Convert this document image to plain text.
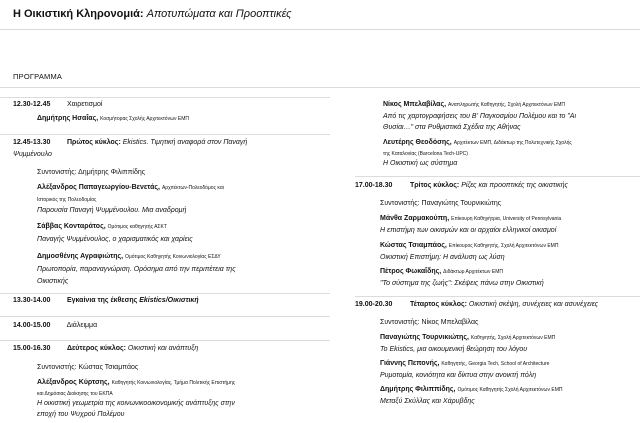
Η Οικιστική Κληρονομιά: Αποτυπώματα και Προοπτικές
ΠΡΟΓΡΑΜΜΑ
12.30-12.45 Χαιρετισμοί
Δημήτρης Ησαΐας, Κοσμήτορας Σχολής Αρχιτεκτόνων ΕΜΠ
12.45-13.30 Πρώτος κύκλος: Ekistics. Τιμητική αναφορά στον Παναγή
Ψυμμένουλο
Συντονιστής: Δημήτρης Φιλιππίδης
Αλέξανδρος Παπαγεωργίου-Βενετάς, Αρχιτέκτων-Πολεοδόμος και
Ιστορικός της Πολεοδομίας
Παρουσία Παναγή Ψυμμένουλου. Μια αναδρομή
Σάββας Κονταράτος, Ομότιμος καθηγητής ΑΣΚΤ
Παναγής Ψυμμένουλος, ο χαρισματικός και χαρίεις
Δημοσθένης Αγραφιώτης, Ομότιμος Καθηγητής Κοινωνιολογίας ΕΣΔΥ
Πρωτοπορία, παραναγνώριση. Ορόσημα από την περιπέτεια της
Οικιστικής
13.30-14.00 Εγκαίνια της έκθεσης Ekistics/Οικιστική
14.00-15.00 Διάλειμμα
15.00-16.30 Δεύτερος κύκλος: Οικιστική και ανάπτυξη
Συντονιστής: Κώστας Τσιαμπάος
Αλέξανδρος Κύρτσης, Καθηγητής Κοινωνιολογίας, Τμήμα Πολιτικής Επιστήμης
και Δημόσιας Διοίκησης του ΕΚΠΑ
Η οικιστική γεωμετρία της κοινωνικοοικονομικής ανάπτυξης στην
εποχή του Ψυχρού Πολέμου
Νίκος Μπελαβίλας, Αναπληρωτής Καθηγητής, Σχολή Αρχιτεκτόνων ΕΜΠ
Από τις χαρτογραφήσεις του Β' Παγκοσμίου Πολέμου και το "Αι
Θυσίαι…" στα Ρυθμιστικά Σχέδια της Αθήνας
Λευτέρης Θεοδόσης, Αρχιτέκτων ΕΜΠ, Διδάκτωρ της Πολυτεχνικής Σχολής
της Καταλονίας (Barcelona Tech-UPC)
Η Οικιστική ως σύστημα
17.00-18.30	Τρίτος κύκλος: Ρίζες και προοπτικές της οικιστικής
Συντονιστής: Παναγιώτης Τουρνικιώτης
Μάνθα Ζαρμακούπη, Επίκουρη Καθηγήτρια, University of Pennsylvania
Η επιστήμη των οικισμών και οι αρχαίοι ελληνικοί οικισμοί
Κώστας Τσιαμπάος, Επίκουρος Καθηγητής, Σχολή Αρχιτεκτόνων ΕΜΠ
Οικιστική Επιστήμη: Η ανάλυση ως λύση
Πέτρος Φωκαΐδης, Διδάκτωρ Αρχιτέκτων ΕΜΠ
"Το σύστημα της ζωής": Σκέψεις πάνω στην Οικιστική
19.00-20.30	Τέταρτος κύκλος: Οικιστική σκέψη, συνέχειες και ασυνέχειες
Συντονιστής: Νίκος Μπελαβίλας
Παναγιώτης Τουρνικιώτης, Καθηγητής, Σχολή Αρχιτεκτόνων ΕΜΠ
Το Ekistics, μια οικουμενική θεώρηση του λόγου
Γιάννης Πεπονής, Καθηγητής, Georgia Tech, School of Architecture
Ρυμοτομία, κονιότητα και δίκτυα στην ανοικτή πόλη
Δημήτρης Φιλιππίδης, Ομότιμος Καθηγητής Σχολή Αρχιτεκτόνων ΕΜΠ
Μεταξύ Σκύλλας και Χάρυβδης
